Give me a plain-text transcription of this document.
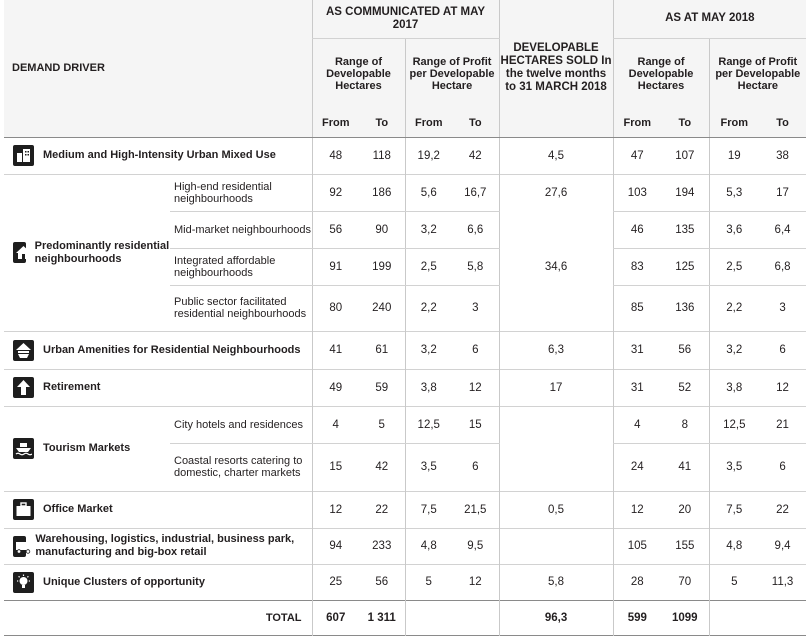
DEMAND DRIVER		AS COMMUNICATED AT MAY 2017				DEVELOPABLE HECTARES SOLD In the twelve months to 31 MARCH 2018	AS AT MAY 2018			
		Range of Developable Hectares		Range of Profit per Developable Hectare			Range of Developable Hectares		Range of Profit per Developable Hectare	
		From	To	From	To		From	To	From	To

Medium and High-Intensity Urban Mixed Use		48	118	19,2	42	4,5	47	107	19	38

Predominantly residential neighbourhoods	High-end residential neighbourhoods	92	186	5,6	16,7	27,6	103	194	5,3	17
	Mid-market neighbourhoods	56	90	3,2	6,6		46	135	3,6	6,4
	Integrated affordable neighbourhoods	91	199	2,5	5,8	34,6	83	125	2,5	6,8
	Public sector facilitated residential neighbourhoods	80	240	2,2	3		85	136	2,2	3

Urban Amenities for Residential Neighbourhoods		41	61	3,2	6	6,3	31	56	3,2	6

Retirement		49	59	3,8	12	17	31	52	3,8	12

Tourism Markets	City hotels and residences	4	5	12,5	15		4	8	12,5	21
	Coastal resorts catering to domestic, charter markets	15	42	3,5	6		24	41	3,5	6

Office Market		12	22	7,5	21,5	0,5	12	20	7,5	22

Warehousing, logistics, industrial, business park, manufacturing and big-box retail		94	233	4,8	9,5		105	155	4,8	9,4

Unique Clusters of opportunity		25	56	5	12	5,8	28	70	5	11,3
TOTAL		607	1 311			96,3	599	1099		
